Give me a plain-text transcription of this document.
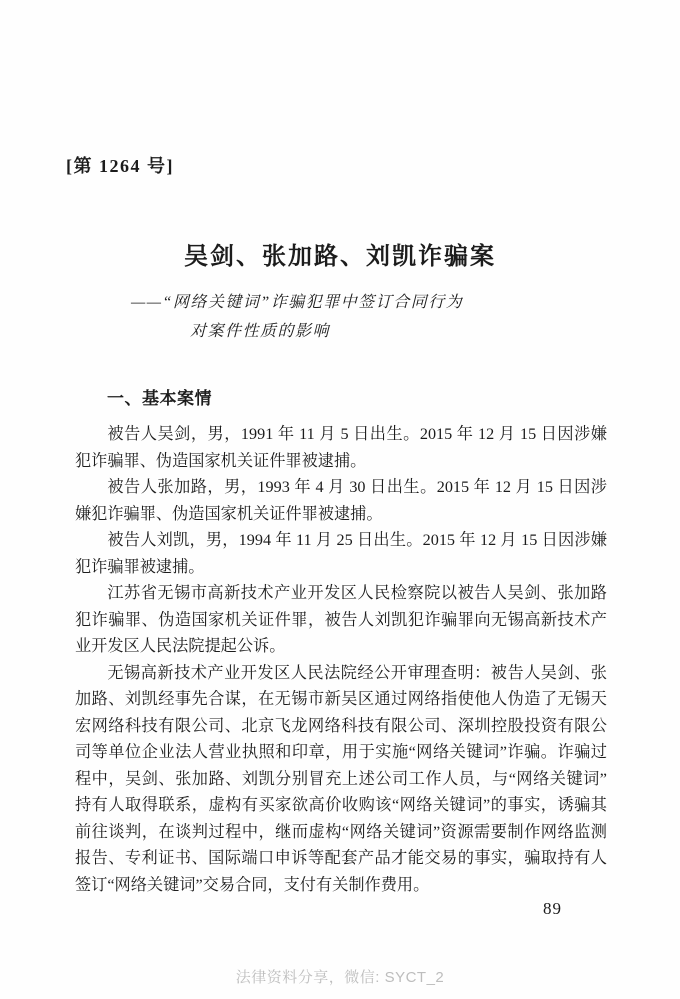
[第 1264 号]
吴剑、张加路、刘凯诈骗案
——“网络关键词”诈骗犯罪中签订合同行为
对案件性质的影响
一、基本案情

被告人吴剑，男，1991 年 11 月 5 日出生。2015 年 12 月 15 日因涉嫌犯诈骗罪、伪造国家机关证件罪被逮捕。

被告人张加路，男，1993 年 4 月 30 日出生。2015 年 12 月 15 日因涉嫌犯诈骗罪、伪造国家机关证件罪被逮捕。

被告人刘凯，男，1994 年 11 月 25 日出生。2015 年 12 月 15 日因涉嫌犯诈骗罪被逮捕。

江苏省无锡市高新技术产业开发区人民检察院以被告人吴剑、张加路犯诈骗罪、伪造国家机关证件罪，被告人刘凯犯诈骗罪向无锡高新技术产业开发区人民法院提起公诉。

无锡高新技术产业开发区人民法院经公开审理查明：被告人吴剑、张加路、刘凯经事先合谋，在无锡市新吴区通过网络指使他人伪造了无锡天宏网络科技有限公司、北京飞龙网络科技有限公司、深圳控股投资有限公司等单位企业法人营业执照和印章，用于实施“网络关键词”诈骗。诈骗过程中，吴剑、张加路、刘凯分别冒充上述公司工作人员，与“网络关键词”持有人取得联系，虚构有买家欲高价收购该“网络关键词”的事实，诱骗其前往谈判，在谈判过程中，继而虚构“网络关键词”资源需要制作网络监测报告、专利证书、国际端口申诉等配套产品才能交易的事实，骗取持有人签订“网络关键词”交易合同，支付有关制作费用。

89
法律资料分享，微信: SYCT_2
